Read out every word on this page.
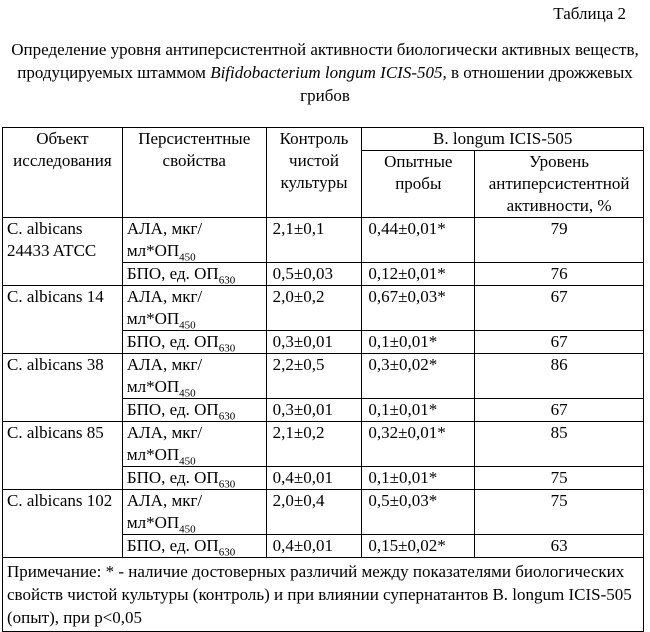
Таблица 2
Определение уровня антиперсистентной активности биологически активных веществ, продуцируемых штаммом Bifidobacterium longum ICIS-505, в отношении дрожжевых грибов
Объект исследования	Персистентные свойства	Контроль чистой культуры	B. longum ICIS-505	
			Опытные пробы	Уровень антиперсистентной активности, %
C. albicans 24433 ATCC	АЛА, мкг/$мл*ОП_{450}$	2,1±0,1	0,44±0,01*	79
	БПО, ед. $ОП_{630}$	0,5±0,03	0,12±0,01*	76
C. albicans 14	АЛА, мкг/$мл*ОП_{450}$	2,0±0,2	0,67±0,03*	67
	БПО, ед. $ОП_{630}$	0,3±0,01	0,1±0,01*	67
C. albicans 38	АЛА, мкг/$мл*ОП_{450}$	2,2±0,5	0,3±0,02*	86
	БПО, ед. $ОП_{630}$	0,3±0,01	0,1±0,01*	67
C. albicans 85	АЛА, мкг/$мл*ОП_{450}$	2,1±0,2	0,32±0,01*	85
	БПО, ед. $ОП_{630}$	0,4±0,01	0,1±0,01*	75
C. albicans 102	АЛА, мкг/$мл*ОП_{450}$	2,0±0,4	0,5±0,03*	75
	БПО, ед. $ОП_{630}$	0,4±0,01	0,15±0,02*	63
Примечание: * - наличие достоверных различий между показателями биологических свойств чистой культуры (контроль) и при влиянии супернатантов B. longum ICIS-505 (опыт), при p<0,05				
